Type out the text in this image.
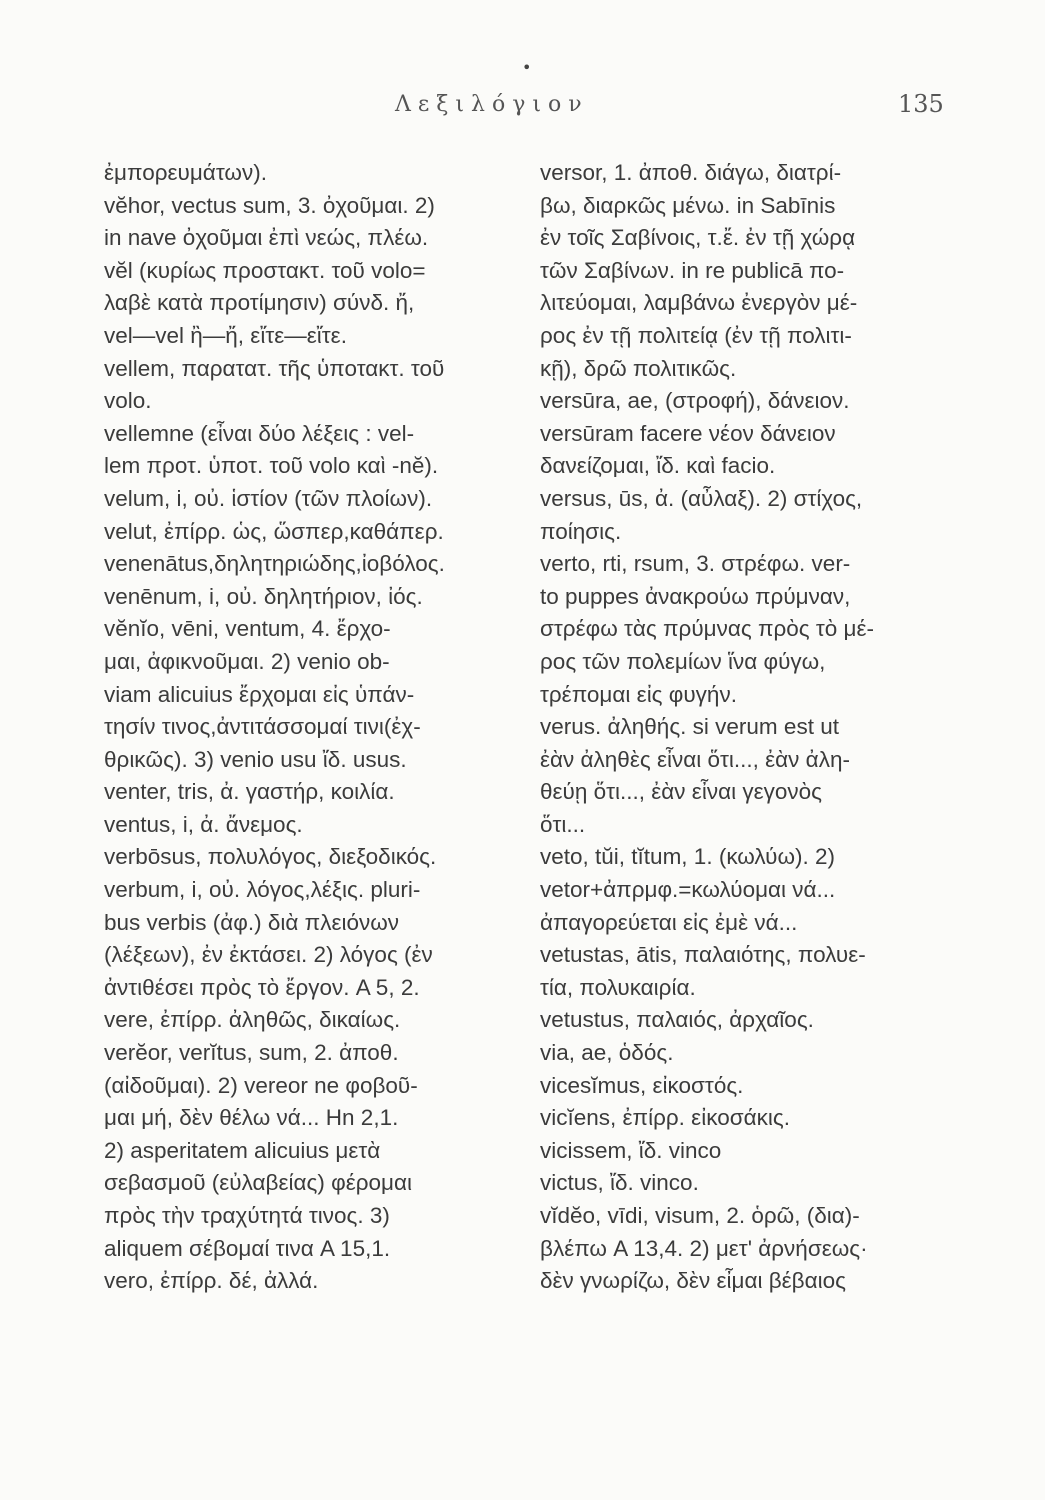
•
Λεξιλόγιον	135
ἐμπορευμάτων).
vĕhor, vectus sum, 3. ὀχοῦμαι. 2)
in nave ὀχοῦμαι ἐπὶ νεώς, πλέω.
vĕl (κυρίως προστακτ. τοῦ volo=
λαβὲ κατὰ προτίμησιν) σύνδ. ἤ,
vel—vel ἢ—ἤ, εἴτε—εἴτε.
vellem, παρατατ. τῆς ὑποτακτ. τοῦ
volo.
vellemne (εἶναι δύο λέξεις : vel-
lem προτ. ὑποτ. τοῦ volo καὶ -nĕ).
velum, i, οὐ. ἱστίον (τῶν πλοίων).
velut, ἐπίρρ. ὡς, ὥσπερ,καθάπερ.
venenātus,δηλητηριώδης,ἰοβόλος.
venēnum, i, οὐ. δηλητήριον, ἰός.
vĕnĭo, vēni, ventum, 4. ἔρχο-
μαι, ἀφικνοῦμαι. 2) venio ob-
viam alicuius ἔρχομαι εἰς ὑπάν-
τησίν τινος,ἀντιτάσσομαί τινι(ἐχ-
θρικῶς). 3) venio usu ἴδ. usus.
venter, tris, ἀ. γαστήρ, κοιλία.
ventus, i, ἀ. ἄνεμος.
verbōsus, πολυλόγος, διεξοδικός.
verbum, i, οὐ. λόγος,λέξις. pluri-
bus verbis (ἀφ.) διὰ πλειόνων
(λέξεων), ἐν ἐκτάσει. 2) λόγος (ἐν
ἀντιθέσει πρὸς τὸ ἔργον. A 5, 2.
vere, ἐπίρρ. ἀληθῶς, δικαίως.
verĕor, verĭtus, sum, 2. ἀποθ.
(αἰδοῦμαι). 2) vereor ne φοβοῦ-
μαι μή, δὲν θέλω νά... Hn 2,1.
2) asperitatem alicuius μετὰ
σεβασμοῦ (εὐλαβείας) φέρομαι
πρὸς τὴν τραχύτητά τινος. 3)
aliquem σέβομαί τινα A 15,1.
vero, ἐπίρρ. δέ, ἀλλά.
versor, 1. ἀποθ. διάγω, διατρί-
βω, διαρκῶς μένω. in Sabīnis
ἐν τοῖς Σαβίνοις, τ.ἔ. ἐν τῇ χώρᾳ
τῶν Σαβίνων. in re publicā πο-
λιτεύομαι, λαμβάνω ἐνεργὸν μέ-
ρος ἐν τῇ πολιτείᾳ (ἐν τῇ πολιτι-
κῇ), δρῶ πολιτικῶς.
versūra, ae, (στροφή), δάνειον.
versūram facere νέον δάνειον
δανείζομαι, ἴδ. καὶ facio.
versus, ūs, ἀ. (αὖλαξ). 2) στίχος,
ποίησις.
verto, rti, rsum, 3. στρέφω. ver-
to puppes ἀνακρούω πρύμναν,
στρέφω τὰς πρύμνας πρὸς τὸ μέ-
ρος τῶν πολεμίων ἵνα φύγω,
τρέπομαι εἰς φυγήν.
verus. ἀληθής. si verum est ut
ἐὰν ἀληθὲς εἶναι ὅτι..., ἐὰν ἀλη-
θεύῃ ὅτι..., ἐὰν εἶναι γεγονὸς
ὅτι...
veto, tŭi, tĭtum, 1. (κωλύω). 2)
vetor+ἀπρμφ.=κωλύομαι νά...
ἀπαγορεύεται εἰς ἐμὲ νά...
vetustas, ātis, παλαιότης, πολυε-
τία, πολυκαιρία.
vetustus, παλαιός, ἀρχαῖος.
via, ae, ὁδός.
vicesĭmus, εἰκοστός.
vicĭens, ἐπίρρ. εἰκοσάκις.
vicissem, ἴδ. vinco
victus, ἴδ. vinco.
vĭdĕo, vīdi, visum, 2. ὁρῶ, (δια)-
βλέπω A 13,4. 2) μετ' ἀρνήσεως·
δὲν γνωρίζω, δὲν εἶμαι βέβαιος
